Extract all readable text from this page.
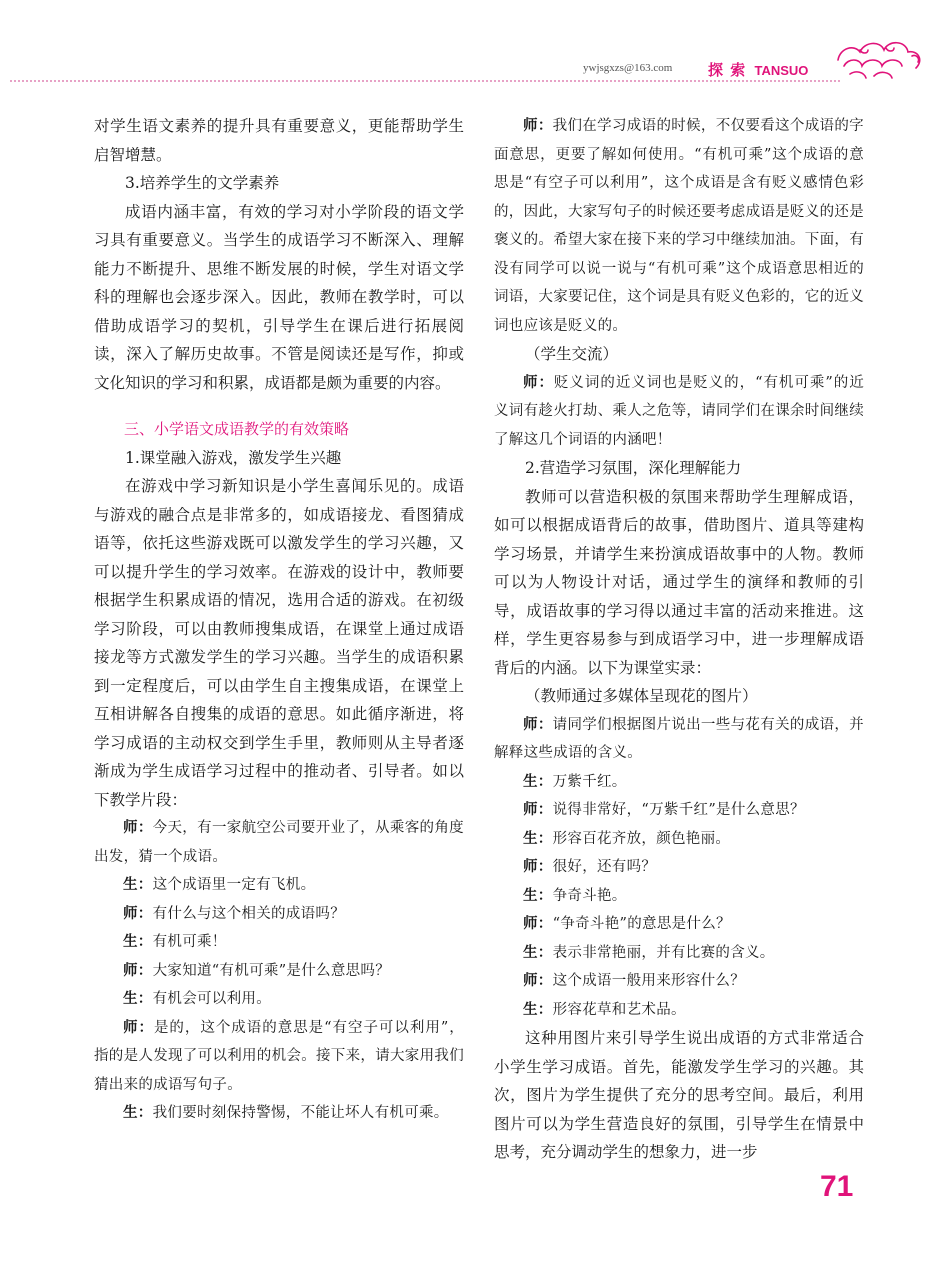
ywjsgxzs@163.com 探 索 TANSUO

对学生语文素养的提升具有重要意义，更能帮助学生启智增慧。

3.培养学生的文学素养

成语内涵丰富，有效的学习对小学阶段的语文学习具有重要意义。当学生的成语学习不断深入、理解能力不断提升、思维不断发展的时候，学生对语文学科的理解也会逐步深入。因此，教师在教学时，可以借助成语学习的契机，引导学生在课后进行拓展阅读，深入了解历史故事。不管是阅读还是写作，抑或文化知识的学习和积累，成语都是颇为重要的内容。

三、小学语文成语教学的有效策略

1.课堂融入游戏，激发学生兴趣

在游戏中学习新知识是小学生喜闻乐见的。成语与游戏的融合点是非常多的，如成语接龙、看图猜成语等，依托这些游戏既可以激发学生的学习兴趣，又可以提升学生的学习效率。在游戏的设计中，教师要根据学生积累成语的情况，选用合适的游戏。在初级学习阶段，可以由教师搜集成语，在课堂上通过成语接龙等方式激发学生的学习兴趣。当学生的成语积累到一定程度后，可以由学生自主搜集成语，在课堂上互相讲解各自搜集的成语的意思。如此循序渐进，将学习成语的主动权交到学生手里，教师则从主导者逐渐成为学生成语学习过程中的推动者、引导者。如以下教学片段：

师：今天，有一家航空公司要开业了，从乘客的角度出发，猜一个成语。

生：这个成语里一定有飞机。

师：有什么与这个相关的成语吗？

生：有机可乘！

师：大家知道“有机可乘”是什么意思吗？

生：有机会可以利用。

师：是的，这个成语的意思是“有空子可以利用”，指的是人发现了可以利用的机会。接下来，请大家用我们猜出来的成语写句子。

生：我们要时刻保持警惕，不能让坏人有机可乘。

师：我们在学习成语的时候，不仅要看这个成语的字面意思，更要了解如何使用。“有机可乘”这个成语的意思是“有空子可以利用”，这个成语是含有贬义感情色彩的，因此，大家写句子的时候还要考虑成语是贬义的还是褒义的。希望大家在接下来的学习中继续加油。下面，有没有同学可以说一说与“有机可乘”这个成语意思相近的词语，大家要记住，这个词是具有贬义色彩的，它的近义词也应该是贬义的。

（学生交流）

师：贬义词的近义词也是贬义的，“有机可乘”的近义词有趁火打劫、乘人之危等，请同学们在课余时间继续了解这几个词语的内涵吧！

2.营造学习氛围，深化理解能力

教师可以营造积极的氛围来帮助学生理解成语，如可以根据成语背后的故事，借助图片、道具等建构学习场景，并请学生来扮演成语故事中的人物。教师可以为人物设计对话，通过学生的演绎和教师的引导，成语故事的学习得以通过丰富的活动来推进。这样，学生更容易参与到成语学习中，进一步理解成语背后的内涵。以下为课堂实录：

（教师通过多媒体呈现花的图片）

师：请同学们根据图片说出一些与花有关的成语，并解释这些成语的含义。

生：万紫千红。

师：说得非常好，“万紫千红”是什么意思？

生：形容百花齐放，颜色艳丽。

师：很好，还有吗？

生：争奇斗艳。

师：“争奇斗艳”的意思是什么？

生：表示非常艳丽，并有比赛的含义。

师：这个成语一般用来形容什么？

生：形容花草和艺术品。

这种用图片来引导学生说出成语的方式非常适合小学生学习成语。首先，能激发学生学习的兴趣。其次，图片为学生提供了充分的思考空间。最后，利用图片可以为学生营造良好的氛围，引导学生在情景中思考，充分调动学生的想象力，进一步

71
